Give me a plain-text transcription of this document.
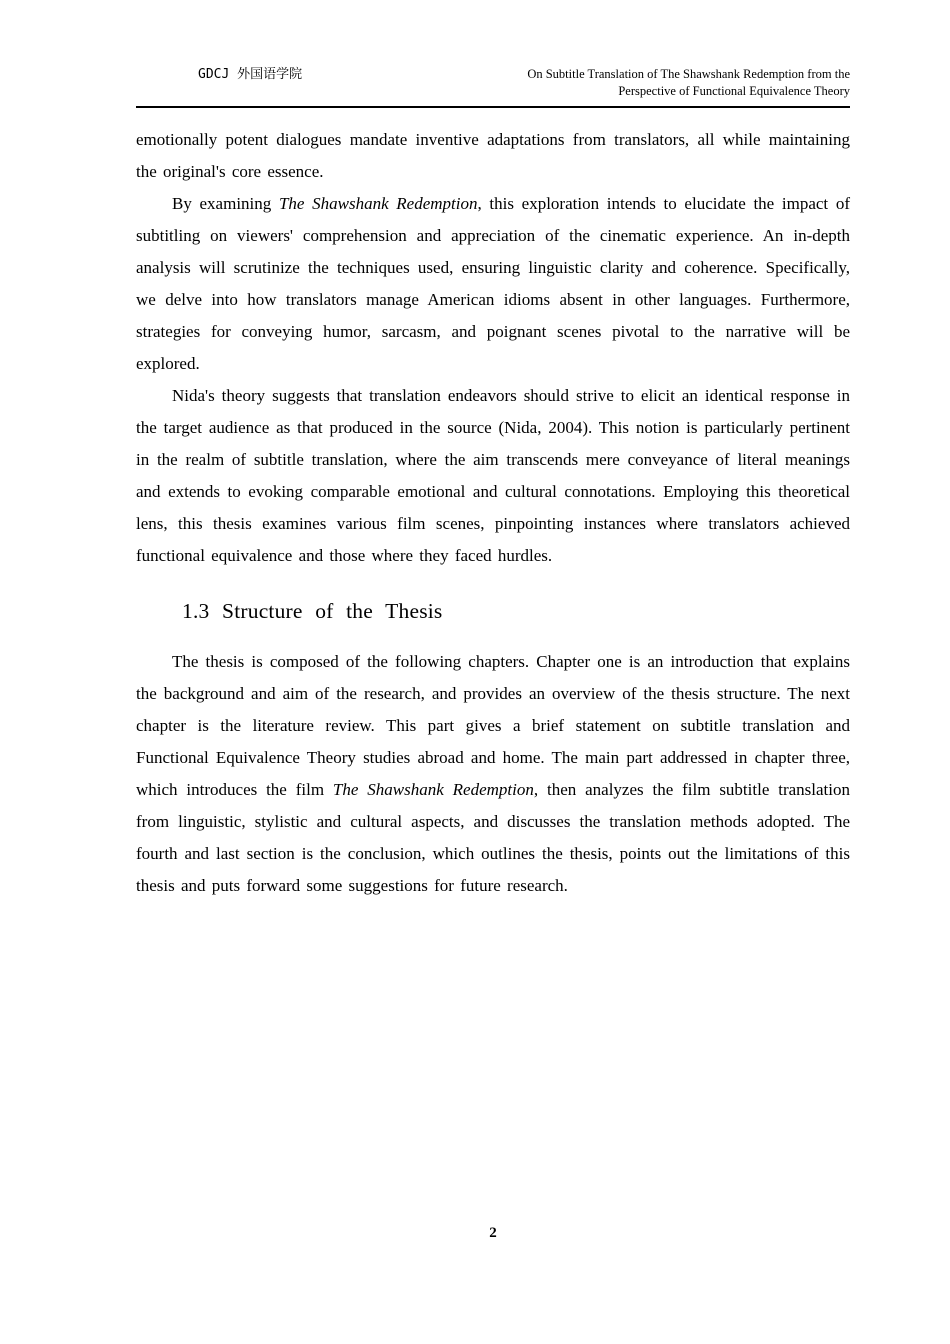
GDCJ 外国语学院	On Subtitle Translation of The Shawshank Redemption from the
Perspective of Functional Equivalence Theory

emotionally potent dialogues mandate inventive adaptations from translators, all while maintaining the original's core essence.

By examining The Shawshank Redemption, this exploration intends to elucidate the impact of subtitling on viewers' comprehension and appreciation of the cinematic experience. An in-depth analysis will scrutinize the techniques used, ensuring linguistic clarity and coherence. Specifically, we delve into how translators manage American idioms absent in other languages. Furthermore, strategies for conveying humor, sarcasm, and poignant scenes pivotal to the narrative will be explored.

Nida's theory suggests that translation endeavors should strive to elicit an identical response in the target audience as that produced in the source (Nida, 2004). This notion is particularly pertinent in the realm of subtitle translation, where the aim transcends mere conveyance of literal meanings and extends to evoking comparable emotional and cultural connotations. Employing this theoretical lens, this thesis examines various film scenes, pinpointing instances where translators achieved functional equivalence and those where they faced hurdles.

1.3 Structure of the Thesis

The thesis is composed of the following chapters. Chapter one is an introduction that explains the background and aim of the research, and provides an overview of the thesis structure. The next chapter is the literature review. This part gives a brief statement on subtitle translation and Functional Equivalence Theory studies abroad and home. The main part addressed in chapter three, which introduces the film The Shawshank Redemption, then analyzes the film subtitle translation from linguistic, stylistic and cultural aspects, and discusses the translation methods adopted. The fourth and last section is the conclusion, which outlines the thesis, points out the limitations of this thesis and puts forward some suggestions for future research.

2
